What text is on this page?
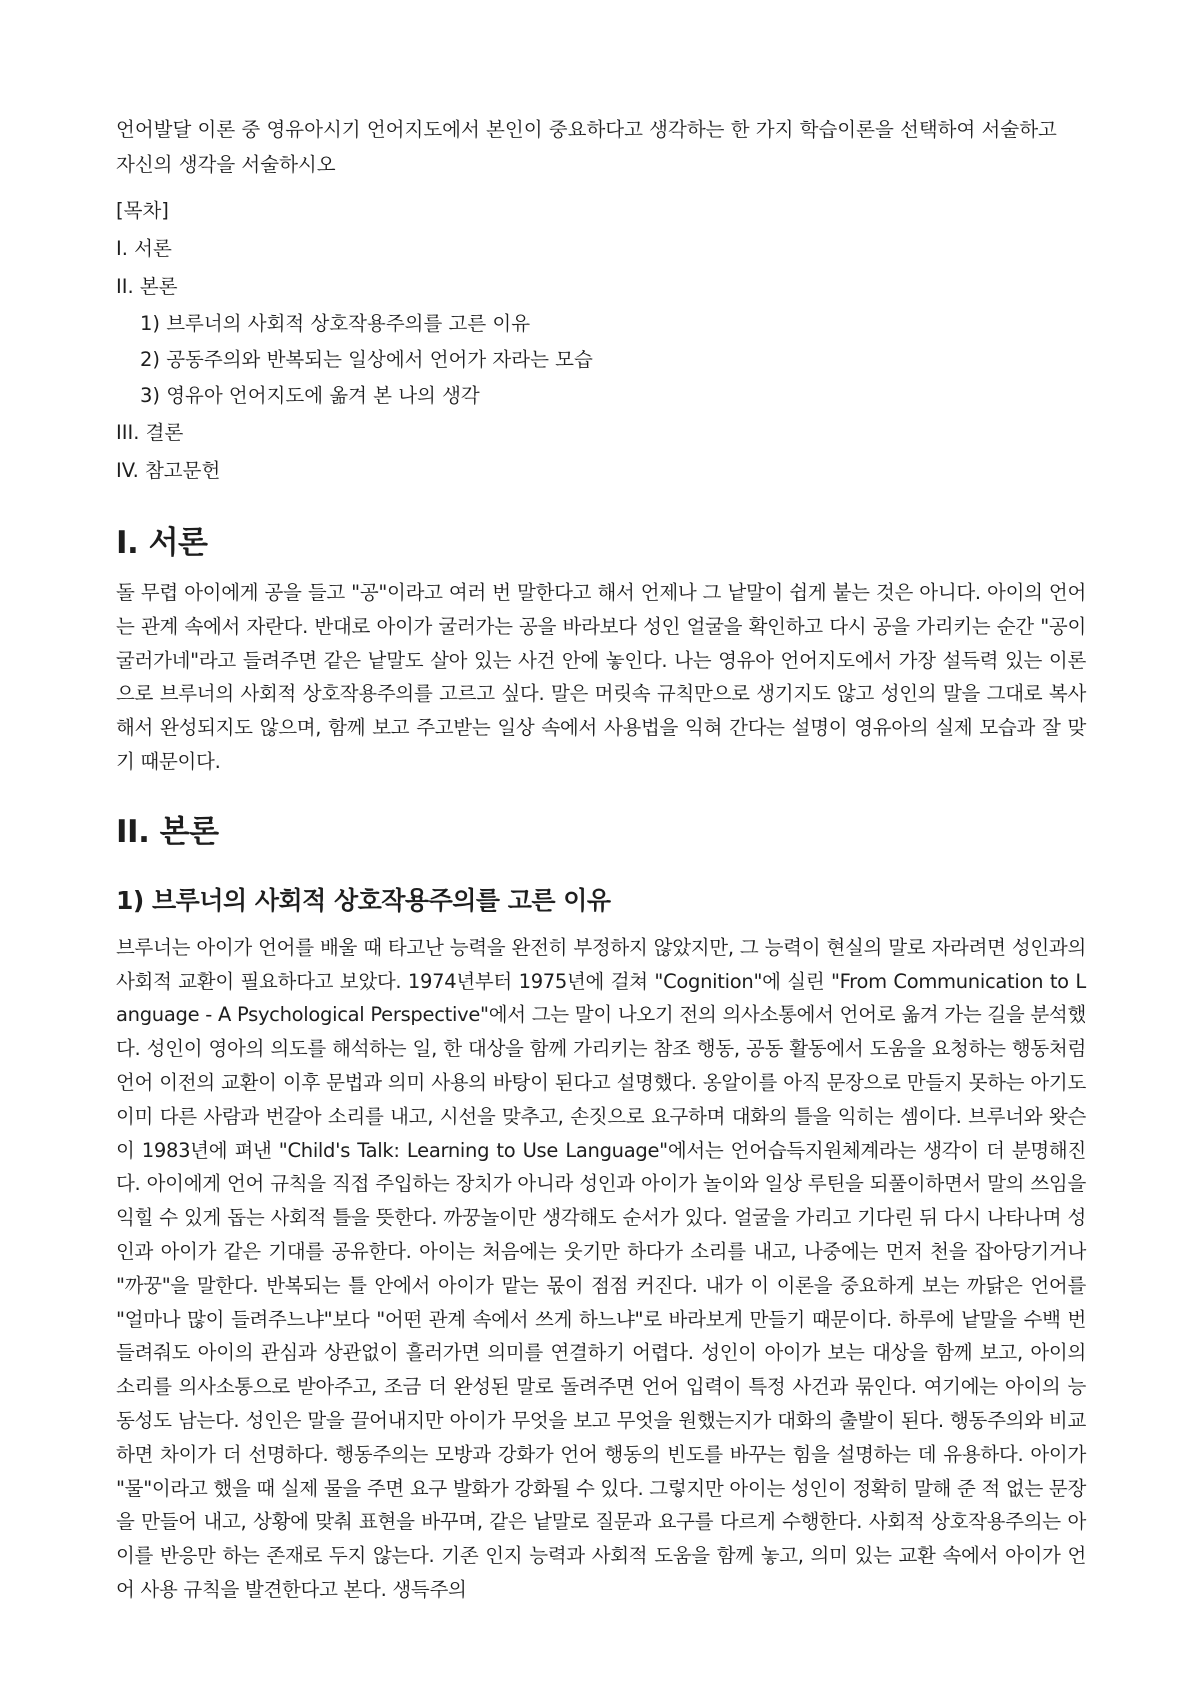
언어발달 이론 중 영유아시기 언어지도에서 본인이 중요하다고 생각하는 한 가지 학습이론을 선택하여 서술하고 자신의 생각을 서술하시오

[목차]

I. 서론

II. 본론

1) 브루너의 사회적 상호작용주의를 고른 이유

2) 공동주의와 반복되는 일상에서 언어가 자라는 모습

3) 영유아 언어지도에 옮겨 본 나의 생각

III. 결론

IV. 참고문헌

I. 서론

돌 무렵 아이에게 공을 들고 "공"이라고 여러 번 말한다고 해서 언제나 그 낱말이 쉽게 붙는 것은 아니다. 아이의 언어는 관계 속에서 자란다. 반대로 아이가 굴러가는 공을 바라보다 성인 얼굴을 확인하고 다시 공을 가리키는 순간 "공이 굴러가네"라고 들려주면 같은 낱말도 살아 있는 사건 안에 놓인다. 나는 영유아 언어지도에서 가장 설득력 있는 이론으로 브루너의 사회적 상호작용주의를 고르고 싶다. 말은 머릿속 규칙만으로 생기지도 않고 성인의 말을 그대로 복사해서 완성되지도 않으며, 함께 보고 주고받는 일상 속에서 사용법을 익혀 간다는 설명이 영유아의 실제 모습과 잘 맞기 때문이다.

II. 본론
1) 브루너의 사회적 상호작용주의를 고른 이유

브루너는 아이가 언어를 배울 때 타고난 능력을 완전히 부정하지 않았지만, 그 능력이 현실의 말로 자라려면 성인과의 사회적 교환이 필요하다고 보았다. 1974년부터 1975년에 걸쳐 "Cognition"에 실린 "From Communication to Language - A Psychological Perspective"에서 그는 말이 나오기 전의 의사소통에서 언어로 옮겨 가는 길을 분석했다. 성인이 영아의 의도를 해석하는 일, 한 대상을 함께 가리키는 참조 행동, 공동 활동에서 도움을 요청하는 행동처럼 언어 이전의 교환이 이후 문법과 의미 사용의 바탕이 된다고 설명했다. 옹알이를 아직 문장으로 만들지 못하는 아기도 이미 다른 사람과 번갈아 소리를 내고, 시선을 맞추고, 손짓으로 요구하며 대화의 틀을 익히는 셈이다. 브루너와 왓슨이 1983년에 펴낸 "Child's Talk: Learning to Use Language"에서는 언어습득지원체계라는 생각이 더 분명해진다. 아이에게 언어 규칙을 직접 주입하는 장치가 아니라 성인과 아이가 놀이와 일상 루틴을 되풀이하면서 말의 쓰임을 익힐 수 있게 돕는 사회적 틀을 뜻한다. 까꿍놀이만 생각해도 순서가 있다. 얼굴을 가리고 기다린 뒤 다시 나타나며 성인과 아이가 같은 기대를 공유한다. 아이는 처음에는 웃기만 하다가 소리를 내고, 나중에는 먼저 천을 잡아당기거나 "까꿍"을 말한다. 반복되는 틀 안에서 아이가 맡는 몫이 점점 커진다. 내가 이 이론을 중요하게 보는 까닭은 언어를 "얼마나 많이 들려주느냐"보다 "어떤 관계 속에서 쓰게 하느냐"로 바라보게 만들기 때문이다. 하루에 낱말을 수백 번 들려줘도 아이의 관심과 상관없이 흘러가면 의미를 연결하기 어렵다. 성인이 아이가 보는 대상을 함께 보고, 아이의 소리를 의사소통으로 받아주고, 조금 더 완성된 말로 돌려주면 언어 입력이 특정 사건과 묶인다. 여기에는 아이의 능동성도 남는다. 성인은 말을 끌어내지만 아이가 무엇을 보고 무엇을 원했는지가 대화의 출발이 된다. 행동주의와 비교하면 차이가 더 선명하다. 행동주의는 모방과 강화가 언어 행동의 빈도를 바꾸는 힘을 설명하는 데 유용하다. 아이가 "물"이라고 했을 때 실제 물을 주면 요구 발화가 강화될 수 있다. 그렇지만 아이는 성인이 정확히 말해 준 적 없는 문장을 만들어 내고, 상황에 맞춰 표현을 바꾸며, 같은 낱말로 질문과 요구를 다르게 수행한다. 사회적 상호작용주의는 아이를 반응만 하는 존재로 두지 않는다. 기존 인지 능력과 사회적 도움을 함께 놓고, 의미 있는 교환 속에서 아이가 언어 사용 규칙을 발견한다고 본다. 생득주의
